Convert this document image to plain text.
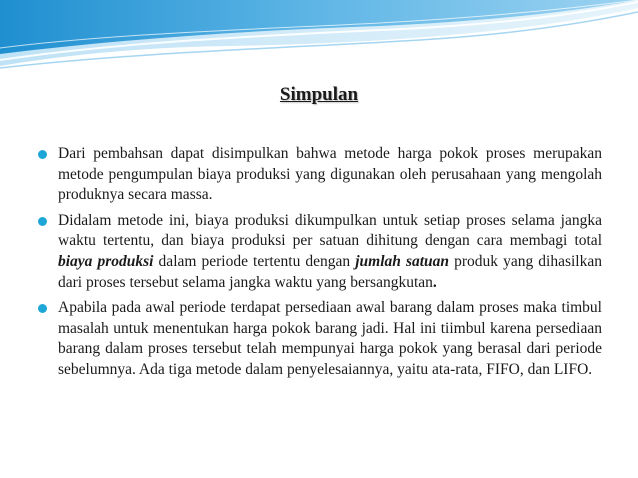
Simpulan
Dari pembahsan dapat disimpulkan bahwa metode harga pokok proses merupakan metode pengumpulan biaya produksi yang digunakan oleh perusahaan yang mengolah produknya secara massa.
Didalam metode ini, biaya produksi dikumpulkan untuk setiap proses selama jangka waktu tertentu, dan biaya produksi per satuan dihitung dengan cara membagi total biaya produksi dalam periode tertentu dengan jumlah satuan produk yang dihasilkan dari proses tersebut selama jangka waktu yang bersangkutan.
Apabila pada awal periode terdapat persediaan awal barang dalam proses maka timbul masalah untuk menentukan harga pokok barang jadi. Hal ini tiimbul karena persediaan barang dalam proses tersebut telah mempunyai harga pokok yang berasal dari periode sebelumnya. Ada tiga metode dalam penyelesaiannya, yaitu ata-rata, FIFO, dan LIFO.
